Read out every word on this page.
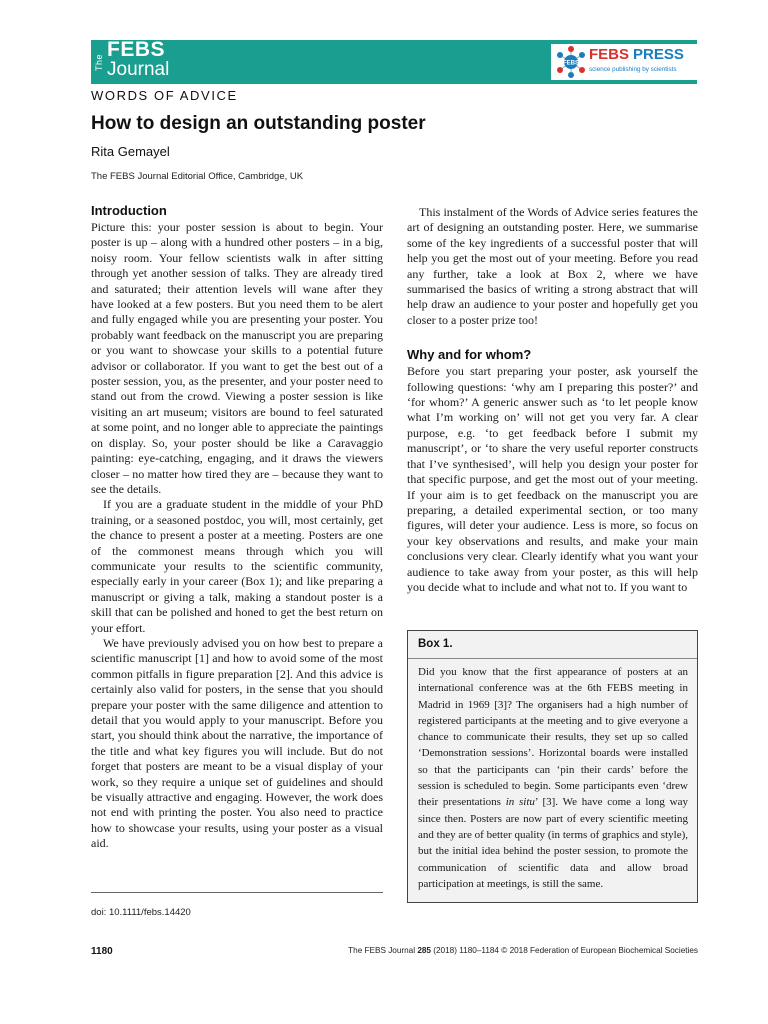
The
FEBS
Journal	FEBS
FEBS PRESS
science publishing by scientists
WORDS OF ADVICE
How to design an outstanding poster
Rita Gemayel
The FEBS Journal Editorial Office, Cambridge, UK
Introduction

Picture this: your poster session is about to begin. Your poster is up – along with a hundred other posters – in a big, noisy room. Your fellow scientists walk in after sitting through yet another session of talks. They are already tired and saturated; their attention levels will wane after they have looked at a few posters. But you need them to be alert and fully engaged while you are presenting your poster. You probably want feedback on the manuscript you are preparing or you want to showcase your skills to a potential future advisor or collaborator. If you want to get the best out of a poster session, you, as the presenter, and your poster need to stand out from the crowd. Viewing a poster session is like visiting an art museum; visitors are bound to feel saturated at some point, and no longer able to appreciate the paintings on display. So, your poster should be like a Caravaggio painting: eye-catching, engaging, and it draws the viewers closer – no matter how tired they are – because they want to see the details.

If you are a graduate student in the middle of your PhD training, or a seasoned postdoc, you will, most certainly, get the chance to present a poster at a meeting. Posters are one of the commonest means through which you will communicate your results to the scientific community, especially early in your career (Box 1); and like preparing a manuscript or giving a talk, making a standout poster is a skill that can be polished and honed to get the best return on your effort.

We have previously advised you on how best to prepare a scientific manuscript [1] and how to avoid some of the most common pitfalls in figure preparation [2]. And this advice is certainly also valid for posters, in the sense that you should prepare your poster with the same diligence and attention to detail that you would apply to your manuscript. Before you start, you should think about the narrative, the importance of the title and what key figures you will include. But do not forget that posters are meant to be a visual display of your work, so they require a unique set of guidelines and should be visually attractive and engaging. However, the work does not end with printing the poster. You also need to practice how to showcase your results, using your poster as a visual aid.

This instalment of the Words of Advice series features the art of designing an outstanding poster. Here, we summarise some of the key ingredients of a successful poster that will help you get the most out of your meeting. Before you read any further, take a look at Box 2, where we have summarised the basics of writing a strong abstract that will help draw an audience to your poster and hopefully get you closer to a poster prize too!

Why and for whom?

Before you start preparing your poster, ask yourself the following questions: ‘why am I preparing this poster?’ and ‘for whom?’ A generic answer such as ‘to let people know what I’m working on’ will not get you very far. A clear purpose, e.g. ‘to get feedback before I submit my manuscript’, or ‘to share the very useful reporter constructs that I’ve synthesised’, will help you design your poster for that specific purpose, and get the most out of your meeting. If your aim is to get feedback on the manuscript you are preparing, a detailed experimental section, or too many figures, will deter your audience. Less is more, so focus on your key observations and results, and make your main conclusions very clear. Clearly identify what you want your audience to take away from your poster, as this will help you decide what to include and what not to. If you want to

Box 1.

Did you know that the first appearance of posters at an international conference was at the 6th FEBS meeting in Madrid in 1969 [3]? The organisers had a high number of registered participants at the meeting and to give everyone a chance to communicate their results, they set up so called ‘Demonstration sessions’. Horizontal boards were installed so that the participants can ‘pin their cards’ before the session is scheduled to begin. Some participants even ‘drew their presentations in situ’ [3]. We have come a long way since then. Posters are now part of every scientific meeting and they are of better quality (in terms of graphics and style), but the initial idea behind the poster session, to promote the communication of scientific data and allow broad participation at meetings, is still the same.

doi: 10.1111/febs.14420
1180	The FEBS Journal 285 (2018) 1180–1184 © 2018 Federation of European Biochemical Societies
